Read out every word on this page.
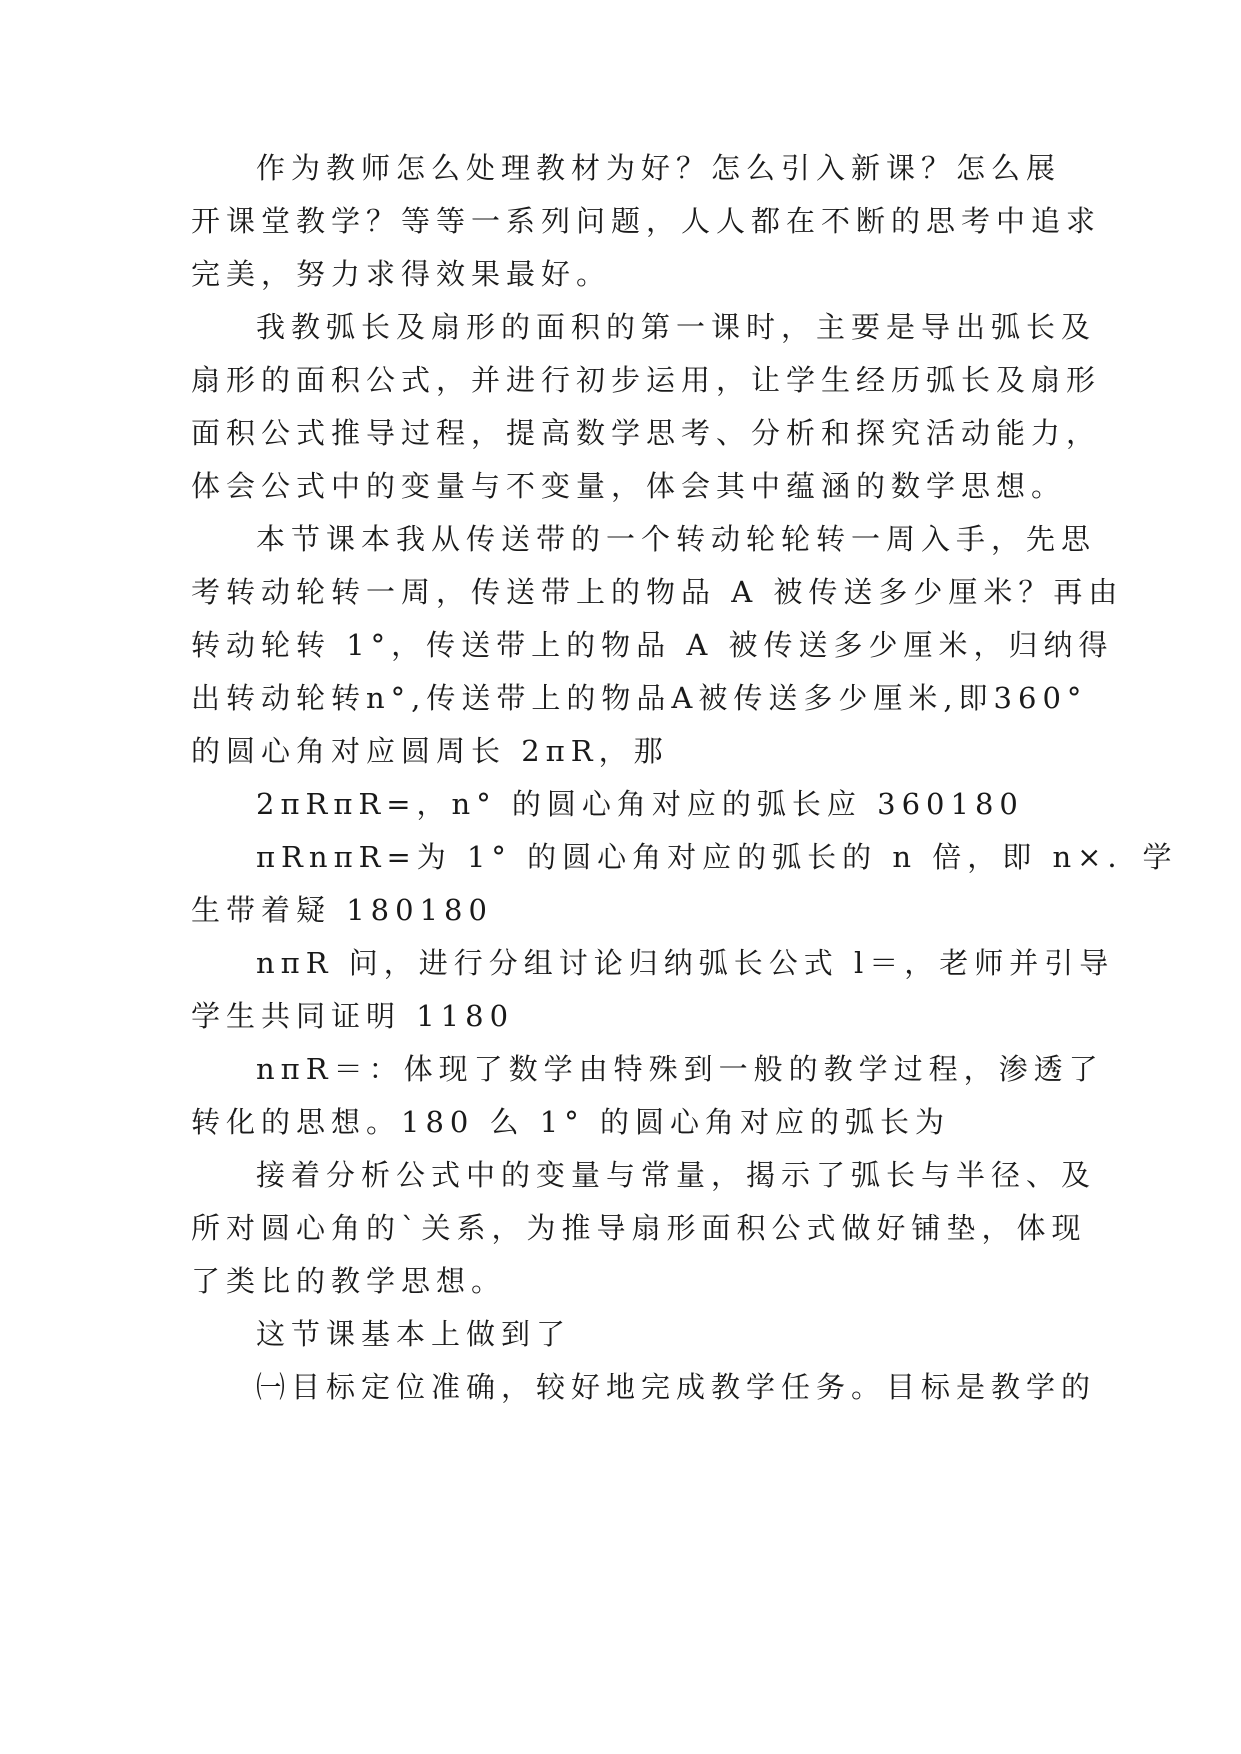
作为教师怎么处理教材为好？怎么引入新课？怎么展
开课堂教学？等等一系列问题，人人都在不断的思考中追求
完美，努力求得效果最好。
我教弧长及扇形的面积的第一课时，主要是导出弧长及
扇形的面积公式，并进行初步运用，让学生经历弧长及扇形
面积公式推导过程，提高数学思考、分析和探究活动能力，
体会公式中的变量与不变量，体会其中蕴涵的数学思想。
本节课本我从传送带的一个转动轮轮转一周入手，先思
考转动轮转一周，传送带上的物品 A 被传送多少厘米？再由
转动轮转 1°，传送带上的物品 A 被传送多少厘米，归纳得
出转动轮转n°,传送带上的物品A被传送多少厘米,即360°
的圆心角对应圆周长 2πR，那
2πRπR=，n° 的圆心角对应的弧长应 360180
πRnπR=为 1° 的圆心角对应的弧长的 n 倍，即 n×．学
生带着疑 180180
nπR 问，进行分组讨论归纳弧长公式 l＝，老师并引导
学生共同证明 1180
nπR＝：体现了数学由特殊到一般的教学过程，渗透了
转化的思想。180 么 1° 的圆心角对应的弧长为
接着分析公式中的变量与常量，揭示了弧长与半径、及
所对圆心角的`关系，为推导扇形面积公式做好铺垫，体现
了类比的教学思想。
这节课基本上做到了
㈠目标定位准确，较好地完成教学任务。目标是教学的
